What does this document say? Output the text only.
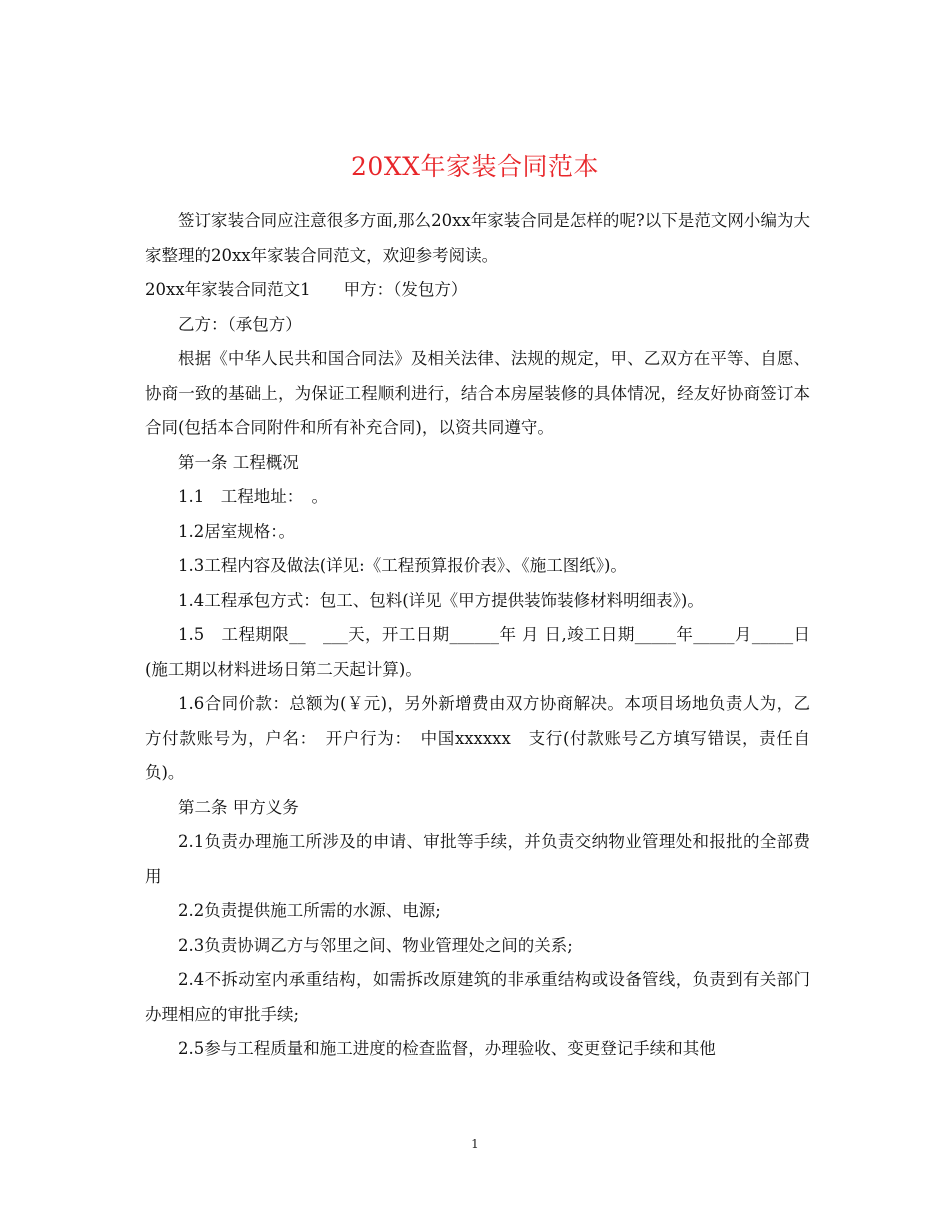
20XX年家装合同范本

签订家装合同应注意很多方面,那么20xx年家装合同是怎样的呢?以下是范文网小编为大家整理的20xx年家装合同范文，欢迎参考阅读。

20xx年家装合同范文1　　甲方：（发包方）

乙方：（承包方）

根据《中华人民共和国合同法》及相关法律、法规的规定，甲、乙双方在平等、自愿、协商一致的基础上，为保证工程顺利进行，结合本房屋装修的具体情况，经友好协商签订本合同(包括本合同附件和所有补充合同)，以资共同遵守。

第一条 工程概况

1.1　工程地址：　。

1.2居室规格：。

1.3工程内容及做法(详见:《工程预算报价表》、《施工图纸》)。

1.4工程承包方式：包工、包料(详见《甲方提供装饰装修材料明细表》)。

1.5　工程期限__　___天，开工日期______年 月 日,竣工日期_____年_____月_____日(施工期以材料进场日第二天起计算)。

1.6合同价款：总额为(￥元)，另外新增费由双方协商解决。本项目场地负责人为，乙方付款账号为，户名：　开户行为：　中国xxxxxx　支行(付款账号乙方填写错误，责任自负)。

第二条 甲方义务

2.1负责办理施工所涉及的申请、审批等手续，并负责交纳物业管理处和报批的全部费用

2.2负责提供施工所需的水源、电源;

2.3负责协调乙方与邻里之间、物业管理处之间的关系;

2.4不拆动室内承重结构，如需拆改原建筑的非承重结构或设备管线，负责到有关部门办理相应的审批手续;

2.5参与工程质量和施工进度的检查监督，办理验收、变更登记手续和其他

1
